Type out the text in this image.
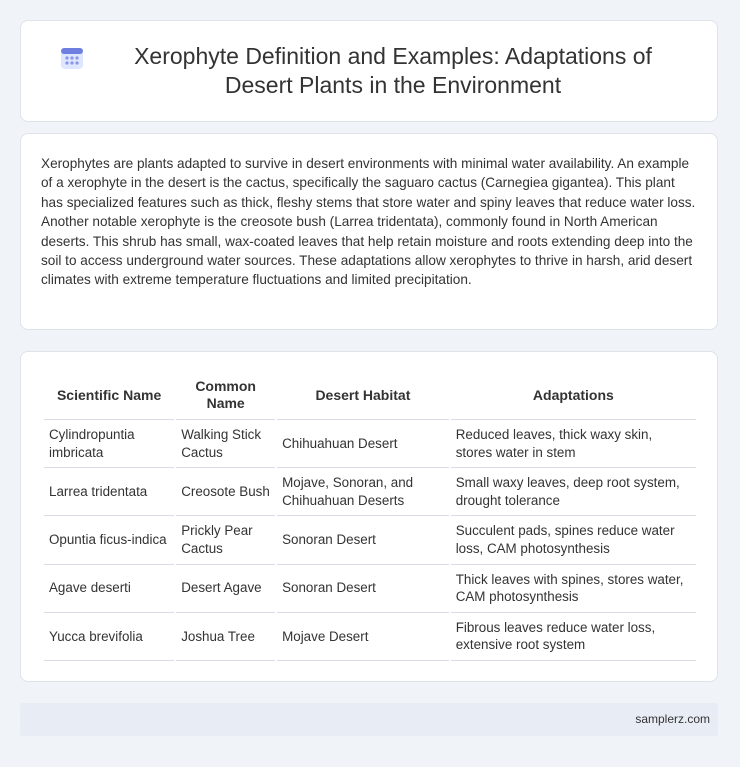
Xerophyte Definition and Examples: Adaptations of Desert Plants in the Environment

Xerophytes are plants adapted to survive in desert environments with minimal water availability. An example of a xerophyte in the desert is the cactus, specifically the saguaro cactus (Carnegiea gigantea). This plant has specialized features such as thick, fleshy stems that store water and spiny leaves that reduce water loss. Another notable xerophyte is the creosote bush (Larrea tridentata), commonly found in North American deserts. This shrub has small, wax-coated leaves that help retain moisture and roots extending deep into the soil to access underground water sources. These adaptations allow xerophytes to thrive in harsh, arid desert climates with extreme temperature fluctuations and limited precipitation.

Scientific Name	Common Name	Desert Habitat	Adaptations
Cylindropuntia imbricata	Walking Stick Cactus	Chihuahuan Desert	Reduced leaves, thick waxy skin, stores water in stem
Larrea tridentata	Creosote Bush	Mojave, Sonoran, and Chihuahuan Deserts	Small waxy leaves, deep root system, drought tolerance
Opuntia ficus-indica	Prickly Pear Cactus	Sonoran Desert	Succulent pads, spines reduce water loss, CAM photosynthesis
Agave deserti	Desert Agave	Sonoran Desert	Thick leaves with spines, stores water, CAM photosynthesis
Yucca brevifolia	Joshua Tree	Mojave Desert	Fibrous leaves reduce water loss, extensive root system
samplerz.com
